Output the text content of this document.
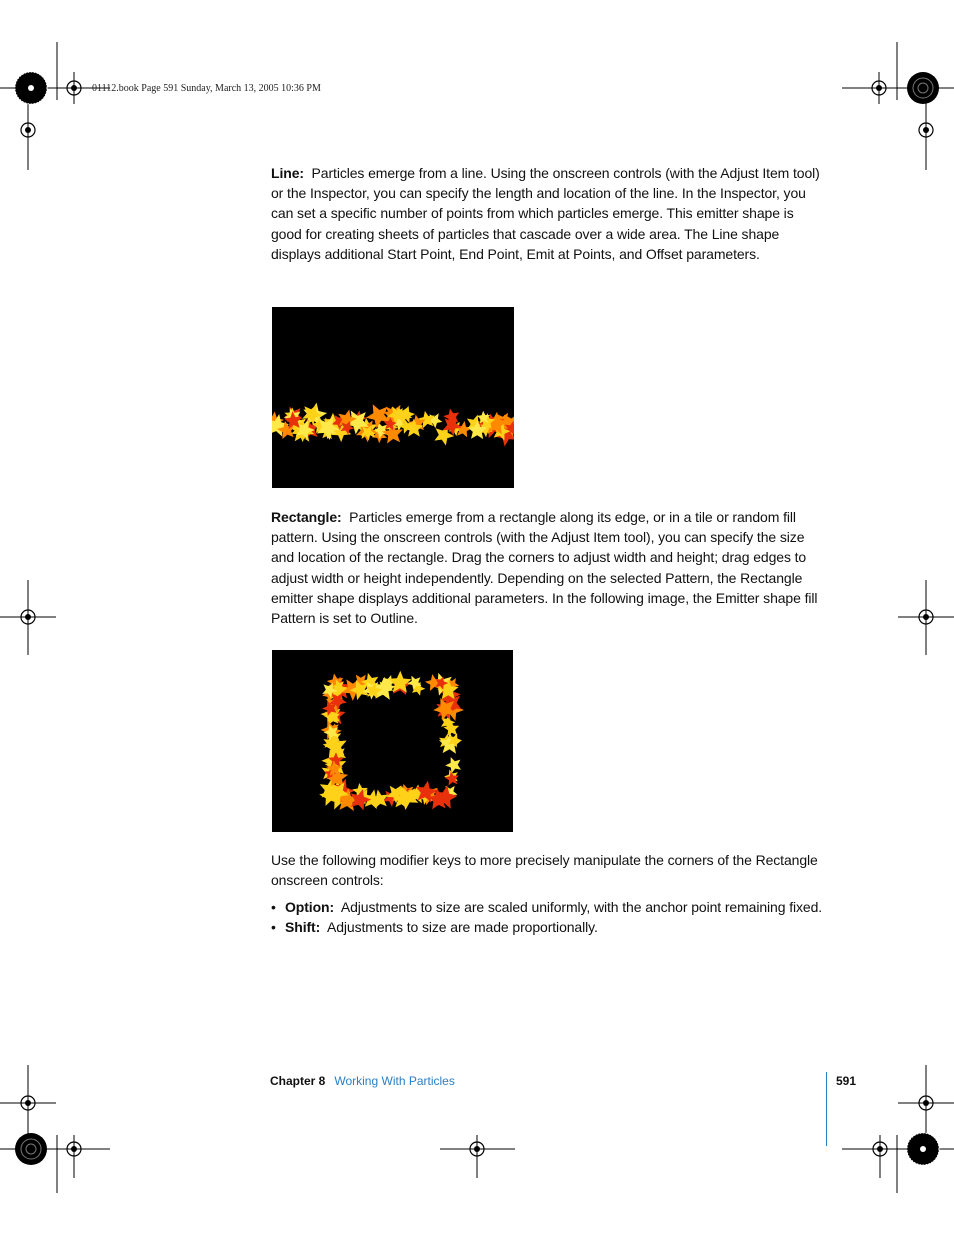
01112.book Page 591 Sunday, March 13, 2005 10:36 PM

Line: Particles emerge from a line. Using the onscreen controls (with the Adjust Item tool) or the Inspector, you can specify the length and location of the line. In the Inspector, you can set a specific number of points from which particles emerge. This emitter shape is good for creating sheets of particles that cascade over a wide area. The Line shape displays additional Start Point, End Point, Emit at Points, and Offset parameters.

Rectangle: Particles emerge from a rectangle along its edge, or in a tile or random fill pattern. Using the onscreen controls (with the Adjust Item tool), you can specify the size and location of the rectangle. Drag the corners to adjust width and height; drag edges to adjust width or height independently. Depending on the selected Pattern, the Rectangle emitter shape displays additional parameters. In the following image, the Emitter shape fill Pattern is set to Outline.

Use the following modifier keys to more precisely manipulate the corners of the Rectangle onscreen controls:

• Option: Adjustments to size are scaled uniformly, with the anchor point remaining fixed.
• Shift: Adjustments to size are made proportionally.
Chapter 8 Working With Particles	591
